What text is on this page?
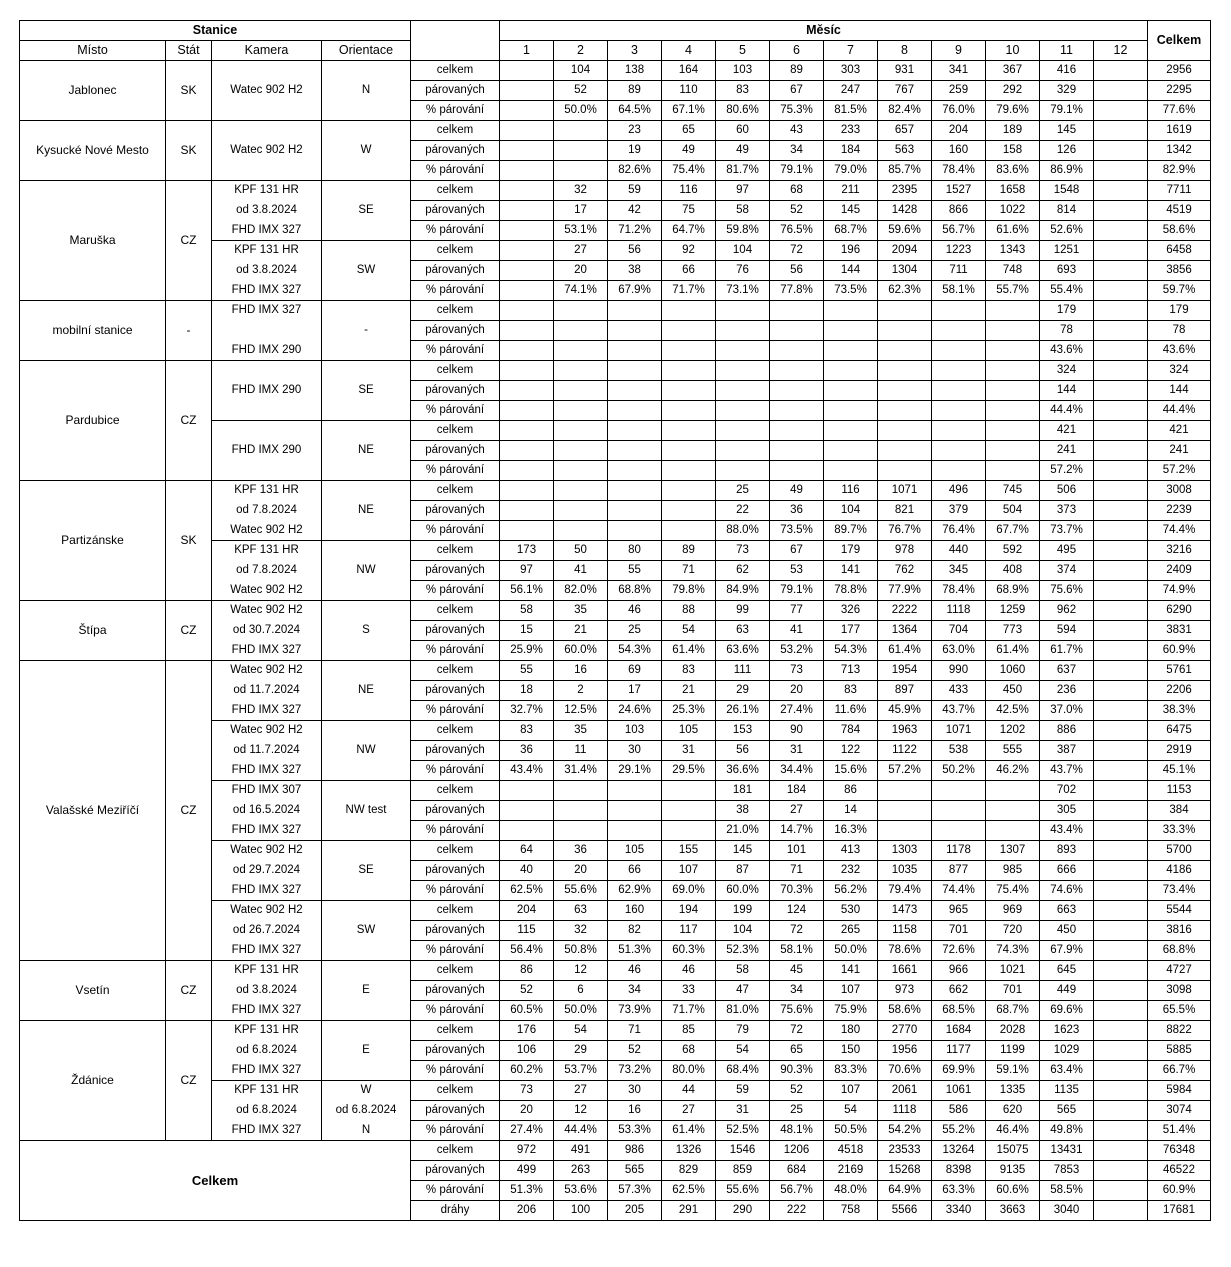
Stanice					Měsíc												Celkem
Místo	Stát	Kamera	Orientace		1	2	3	4	5	6	7	8	9	10	11	12	
Jablonec	SK	Watec 902 H2	N	celkem		104	138	164	103	89	303	931	341	367	416		2956
				párovaných		52	89	110	83	67	247	767	259	292	329		2295
				% párování		50.0%	64.5%	67.1%	80.6%	75.3%	81.5%	82.4%	76.0%	79.6%	79.1%		77.6%
Kysucké Nové Mesto	SK	Watec 902 H2	W	celkem			23	65	60	43	233	657	204	189	145		1619
				párovaných			19	49	49	34	184	563	160	158	126		1342
				% párování			82.6%	75.4%	81.7%	79.1%	79.0%	85.7%	78.4%	83.6%	86.9%		82.9%
Maruška	CZ	KPF 131 HR	SE	celkem		32	59	116	97	68	211	2395	1527	1658	1548		7711
		od 3.8.2024		párovaných		17	42	75	58	52	145	1428	866	1022	814		4519
		FHD IMX 327		% párování		53.1%	71.2%	64.7%	59.8%	76.5%	68.7%	59.6%	56.7%	61.6%	52.6%		58.6%
		KPF 131 HR	SW	celkem		27	56	92	104	72	196	2094	1223	1343	1251		6458
		od 3.8.2024		párovaných		20	38	66	76	56	144	1304	711	748	693		3856
		FHD IMX 327		% párování		74.1%	67.9%	71.7%	73.1%	77.8%	73.5%	62.3%	58.1%	55.7%	55.4%		59.7%
mobilní stanice	-	FHD IMX 327	-	celkem											179		179
				párovaných											78		78
		FHD IMX 290		% párování											43.6%		43.6%
Pardubice	CZ	FHD IMX 290	SE	celkem											324		324
				párovaných											144		144
				% párování											44.4%		44.4%
		FHD IMX 290	NE	celkem											421		421
				párovaných											241		241
				% párování											57.2%		57.2%
Partizánske	SK	KPF 131 HR	NE	celkem					25	49	116	1071	496	745	506		3008
		od 7.8.2024		párovaných					22	36	104	821	379	504	373		2239
		Watec 902 H2		% párování					88.0%	73.5%	89.7%	76.7%	76.4%	67.7%	73.7%		74.4%
		KPF 131 HR	NW	celkem	173	50	80	89	73	67	179	978	440	592	495		3216
		od 7.8.2024		párovaných	97	41	55	71	62	53	141	762	345	408	374		2409
		Watec 902 H2		% párování	56.1%	82.0%	68.8%	79.8%	84.9%	79.1%	78.8%	77.9%	78.4%	68.9%	75.6%		74.9%
Štípa	CZ	Watec 902 H2	S	celkem	58	35	46	88	99	77	326	2222	1118	1259	962		6290
		od 30.7.2024		párovaných	15	21	25	54	63	41	177	1364	704	773	594		3831
		FHD IMX 327		% párování	25.9%	60.0%	54.3%	61.4%	63.6%	53.2%	54.3%	61.4%	63.0%	61.4%	61.7%		60.9%
Valašské Meziříčí	CZ	Watec 902 H2	NE	celkem	55	16	69	83	111	73	713	1954	990	1060	637		5761
		od 11.7.2024		párovaných	18	2	17	21	29	20	83	897	433	450	236		2206
		FHD IMX 327		% párování	32.7%	12.5%	24.6%	25.3%	26.1%	27.4%	11.6%	45.9%	43.7%	42.5%	37.0%		38.3%
		Watec 902 H2	NW	celkem	83	35	103	105	153	90	784	1963	1071	1202	886		6475
		od 11.7.2024		párovaných	36	11	30	31	56	31	122	1122	538	555	387		2919
		FHD IMX 327		% párování	43.4%	31.4%	29.1%	29.5%	36.6%	34.4%	15.6%	57.2%	50.2%	46.2%	43.7%		45.1%
		FHD IMX 307	NW test	celkem					181	184	86				702		1153
		od 16.5.2024		párovaných					38	27	14				305		384
		FHD IMX 327		% párování					21.0%	14.7%	16.3%				43.4%		33.3%
		Watec 902 H2	SE	celkem	64	36	105	155	145	101	413	1303	1178	1307	893		5700
		od 29.7.2024		párovaných	40	20	66	107	87	71	232	1035	877	985	666		4186
		FHD IMX 327		% párování	62.5%	55.6%	62.9%	69.0%	60.0%	70.3%	56.2%	79.4%	74.4%	75.4%	74.6%		73.4%
		Watec 902 H2	SW	celkem	204	63	160	194	199	124	530	1473	965	969	663		5544
		od 26.7.2024		párovaných	115	32	82	117	104	72	265	1158	701	720	450		3816
		FHD IMX 327		% párování	56.4%	50.8%	51.3%	60.3%	52.3%	58.1%	50.0%	78.6%	72.6%	74.3%	67.9%		68.8%
Vsetín	CZ	KPF 131 HR	E	celkem	86	12	46	46	58	45	141	1661	966	1021	645		4727
		od 3.8.2024		párovaných	52	6	34	33	47	34	107	973	662	701	449		3098
		FHD IMX 327		% párování	60.5%	50.0%	73.9%	71.7%	81.0%	75.6%	75.9%	58.6%	68.5%	68.7%	69.6%		65.5%
Ždánice	CZ	KPF 131 HR	E	celkem	176	54	71	85	79	72	180	2770	1684	2028	1623		8822
		od 6.8.2024		párovaných	106	29	52	68	54	65	150	1956	1177	1199	1029		5885
		FHD IMX 327		% párování	60.2%	53.7%	73.2%	80.0%	68.4%	90.3%	83.3%	70.6%	69.9%	59.1%	63.4%		66.7%
		KPF 131 HR	W	celkem	73	27	30	44	59	52	107	2061	1061	1335	1135		5984
		od 6.8.2024	od 6.8.2024	párovaných	20	12	16	27	31	25	54	1118	586	620	565		3074
		FHD IMX 327	N	% párování	27.4%	44.4%	53.3%	61.4%	52.5%	48.1%	50.5%	54.2%	55.2%	46.4%	49.8%		51.4%
Celkem				celkem	972	491	986	1326	1546	1206	4518	23533	13264	15075	13431		76348
				párovaných	499	263	565	829	859	684	2169	15268	8398	9135	7853		46522
				% párování	51.3%	53.6%	57.3%	62.5%	55.6%	56.7%	48.0%	64.9%	63.3%	60.6%	58.5%		60.9%
				dráhy	206	100	205	291	290	222	758	5566	3340	3663	3040		17681
